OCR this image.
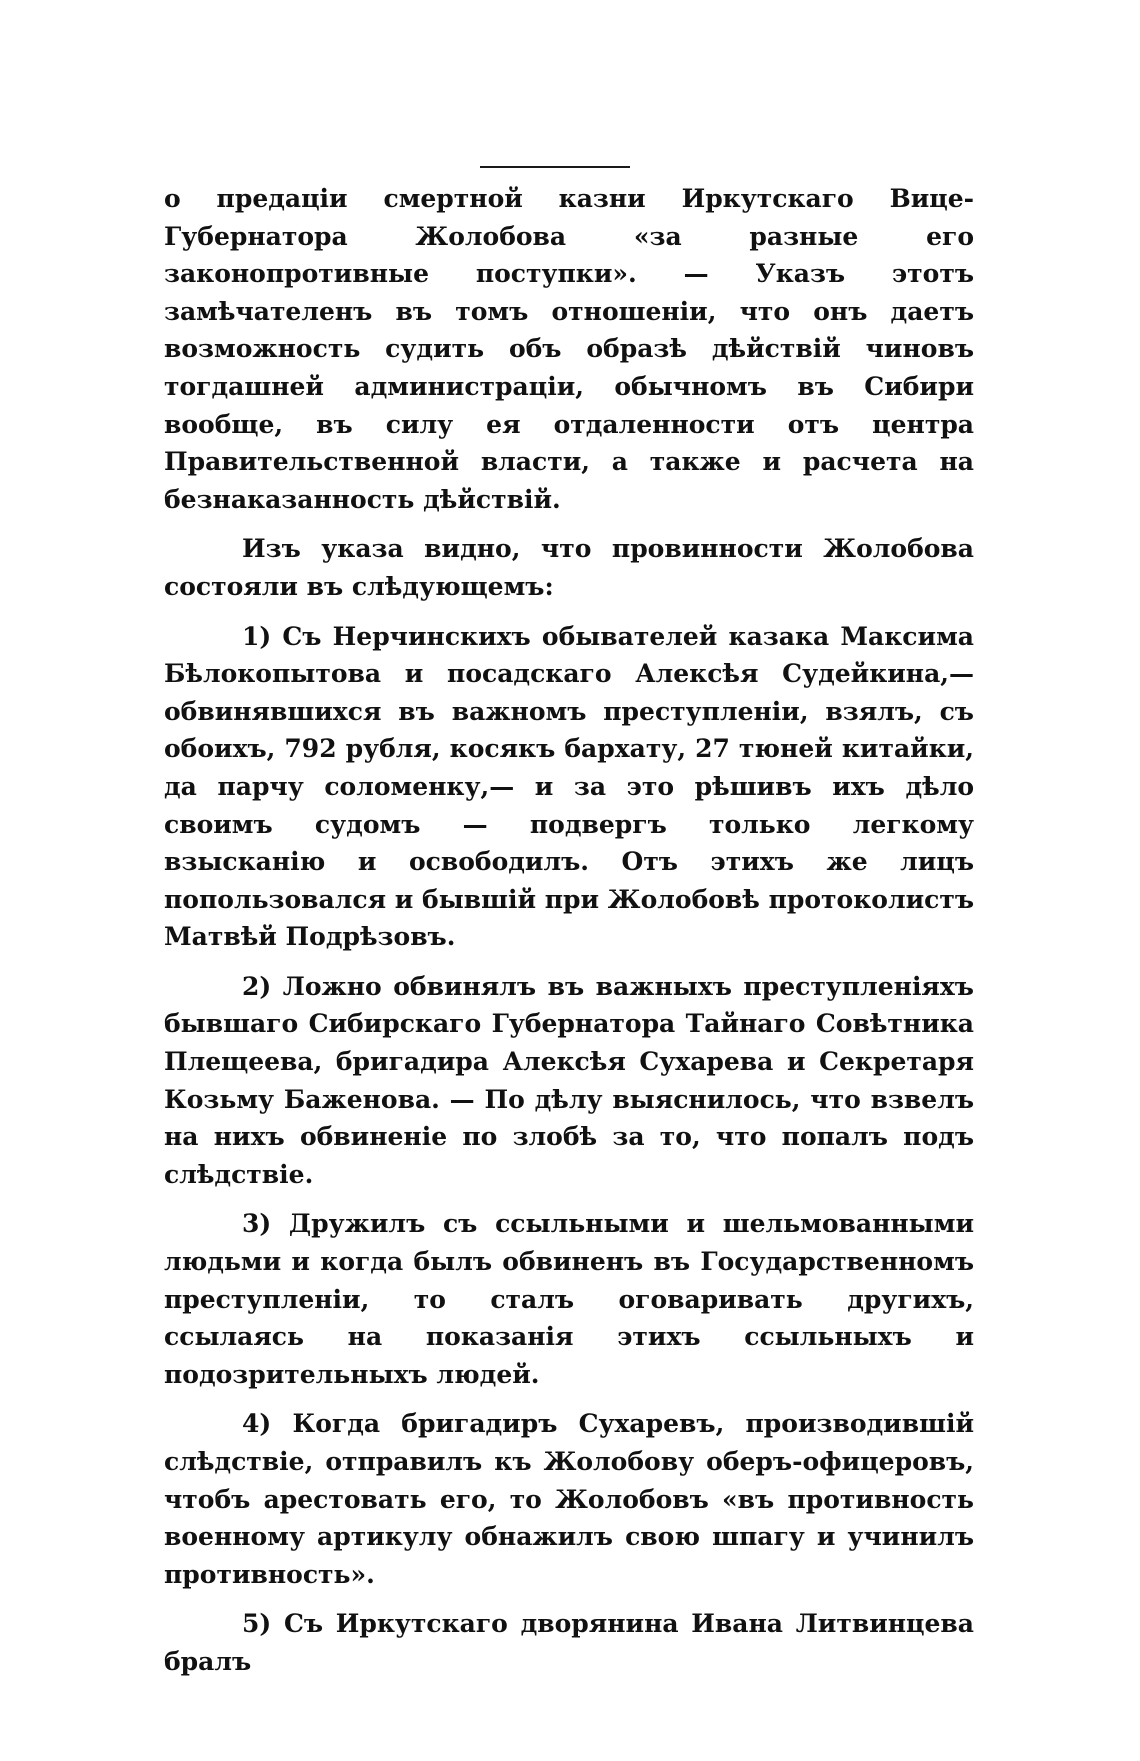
о предаціи смертной казни Иркутскаго Вице-Губернатора Жолобова «за разные его законопротивные поступки». — Указъ этотъ замѣчателенъ въ томъ отношеніи, что онъ даетъ возможность судить объ образѣ дѣйствій чиновъ тогдашней администраціи, обычномъ въ Сибири вообще, въ силу ея отдаленности отъ центра Правительственной власти, а также и расчета на безнаказанность дѣйствій.

Изъ указа видно, что провинности Жолобова состояли въ слѣдующемъ:

1) Съ Нерчинскихъ обывателей казака Максима Бѣлокопытова и посадскаго Алексѣя Судейкина,—обвинявшихся въ важномъ преступленіи, взялъ, съ обоихъ, 792 рубля, косякъ бархату, 27 тюней китайки, да парчу соломенку,— и за это рѣшивъ ихъ дѣло своимъ судомъ — подвергъ только легкому взысканію и освободилъ. Отъ этихъ же лицъ попользовался и бывшій при Жолобовѣ протоколистъ Матвѣй Подрѣзовъ.

2) Ложно обвинялъ въ важныхъ преступленіяхъ бывшаго Сибирскаго Губернатора Тайнаго Совѣтника Плещеева, бригадира Алексѣя Сухарева и Секретаря Козьму Баженова. — По дѣлу выяснилось, что взвелъ на нихъ обвиненіе по злобѣ за то, что попалъ подъ слѣдствіе.

3) Дружилъ съ ссыльными и шельмованными людьми и когда былъ обвиненъ въ Государственномъ преступленіи, то сталъ оговаривать другихъ, ссылаясь на показанія этихъ ссыльныхъ и подозрительныхъ людей.

4) Когда бригадиръ Сухаревъ, производившій слѣдствіе, отправилъ къ Жолобову оберъ-офицеровъ, чтобъ арестовать его, то Жолобовъ «въ противность военному артикулу обнажилъ свою шпагу и учинилъ противность».

5) Съ Иркутскаго дворянина Ивана Литвинцева бралъ
